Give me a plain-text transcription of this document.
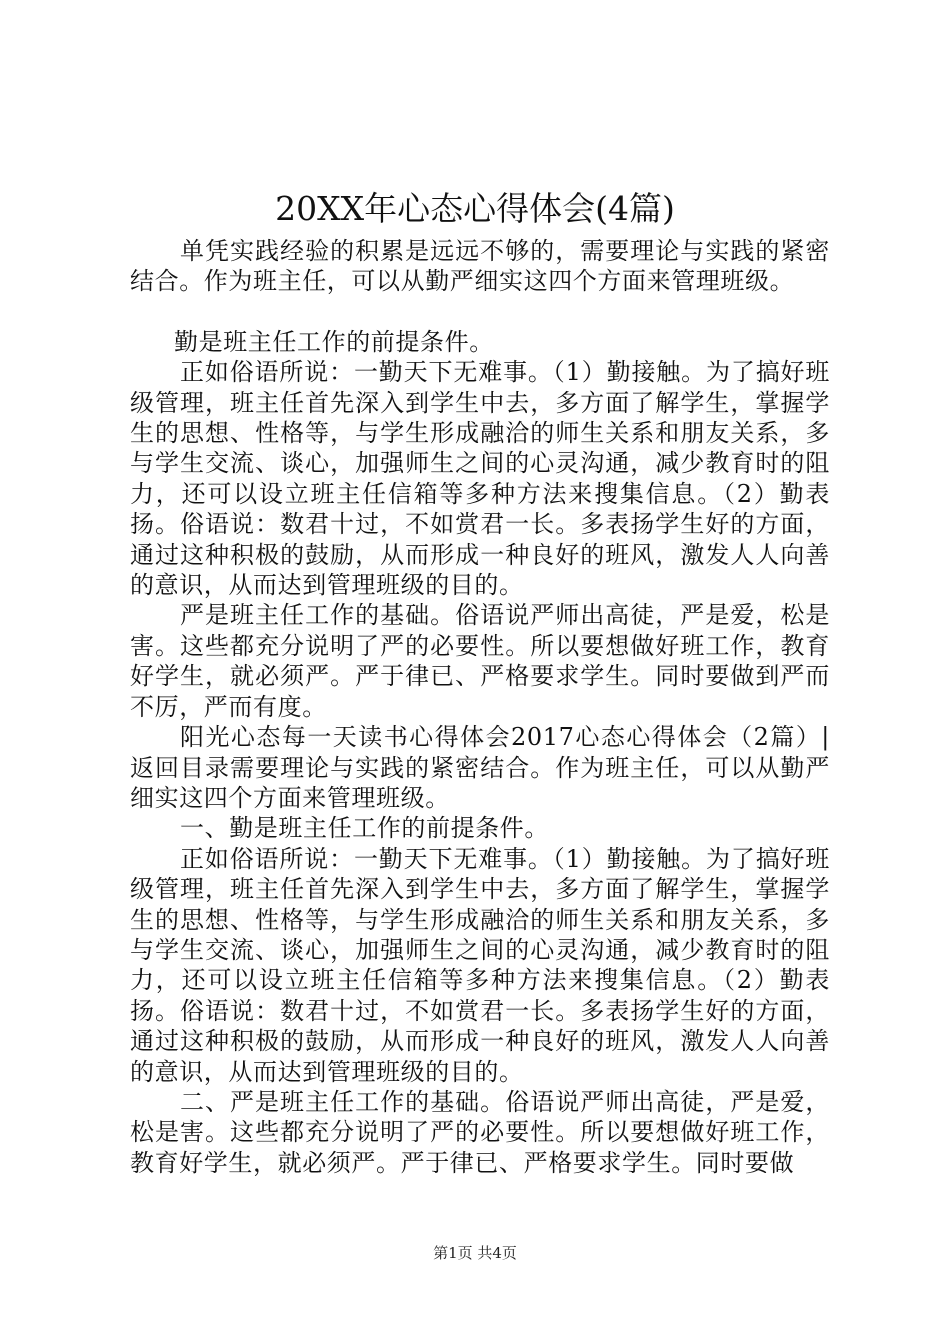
20XX年心态心得体会(4篇)

单凭实践经验的积累是远远不够的，需要理论与实践的紧密结合。作为班主任，可以从勤严细实这四个方面来管理班级。

勤是班主任工作的前提条件。

正如俗语所说：一勤天下无难事。（1）勤接触。为了搞好班级管理，班主任首先深入到学生中去，多方面了解学生，掌握学生的思想、性格等，与学生形成融洽的师生关系和朋友关系，多与学生交流、谈心，加强师生之间的心灵沟通，减少教育时的阻力，还可以设立班主任信箱等多种方法来搜集信息。（2）勤表扬。俗语说：数君十过，不如赏君一长。多表扬学生好的方面，通过这种积极的鼓励，从而形成一种良好的班风，激发人人向善的意识，从而达到管理班级的目的。

严是班主任工作的基础。俗语说严师出高徒，严是爱，松是害。这些都充分说明了严的必要性。所以要想做好班工作，教育好学生，就必须严。严于律已、严格要求学生。同时要做到严而不厉，严而有度。

阳光心态每一天读书心得体会2017心态心得体会（2篇）| 返回目录需要理论与实践的紧密结合。作为班主任，可以从勤严细实这四个方面来管理班级。

一、勤是班主任工作的前提条件。

正如俗语所说：一勤天下无难事。（1）勤接触。为了搞好班级管理，班主任首先深入到学生中去，多方面了解学生，掌握学生的思想、性格等，与学生形成融洽的师生关系和朋友关系，多与学生交流、谈心，加强师生之间的心灵沟通，减少教育时的阻力，还可以设立班主任信箱等多种方法来搜集信息。（2）勤表扬。俗语说：数君十过，不如赏君一长。多表扬学生好的方面，通过这种积极的鼓励，从而形成一种良好的班风，激发人人向善的意识，从而达到管理班级的目的。

二、严是班主任工作的基础。俗语说严师出高徒，严是爱，松是害。这些都充分说明了严的必要性。所以要想做好班工作，教育好学生，就必须严。严于律已、严格要求学生。同时要做

第1页 共4页
